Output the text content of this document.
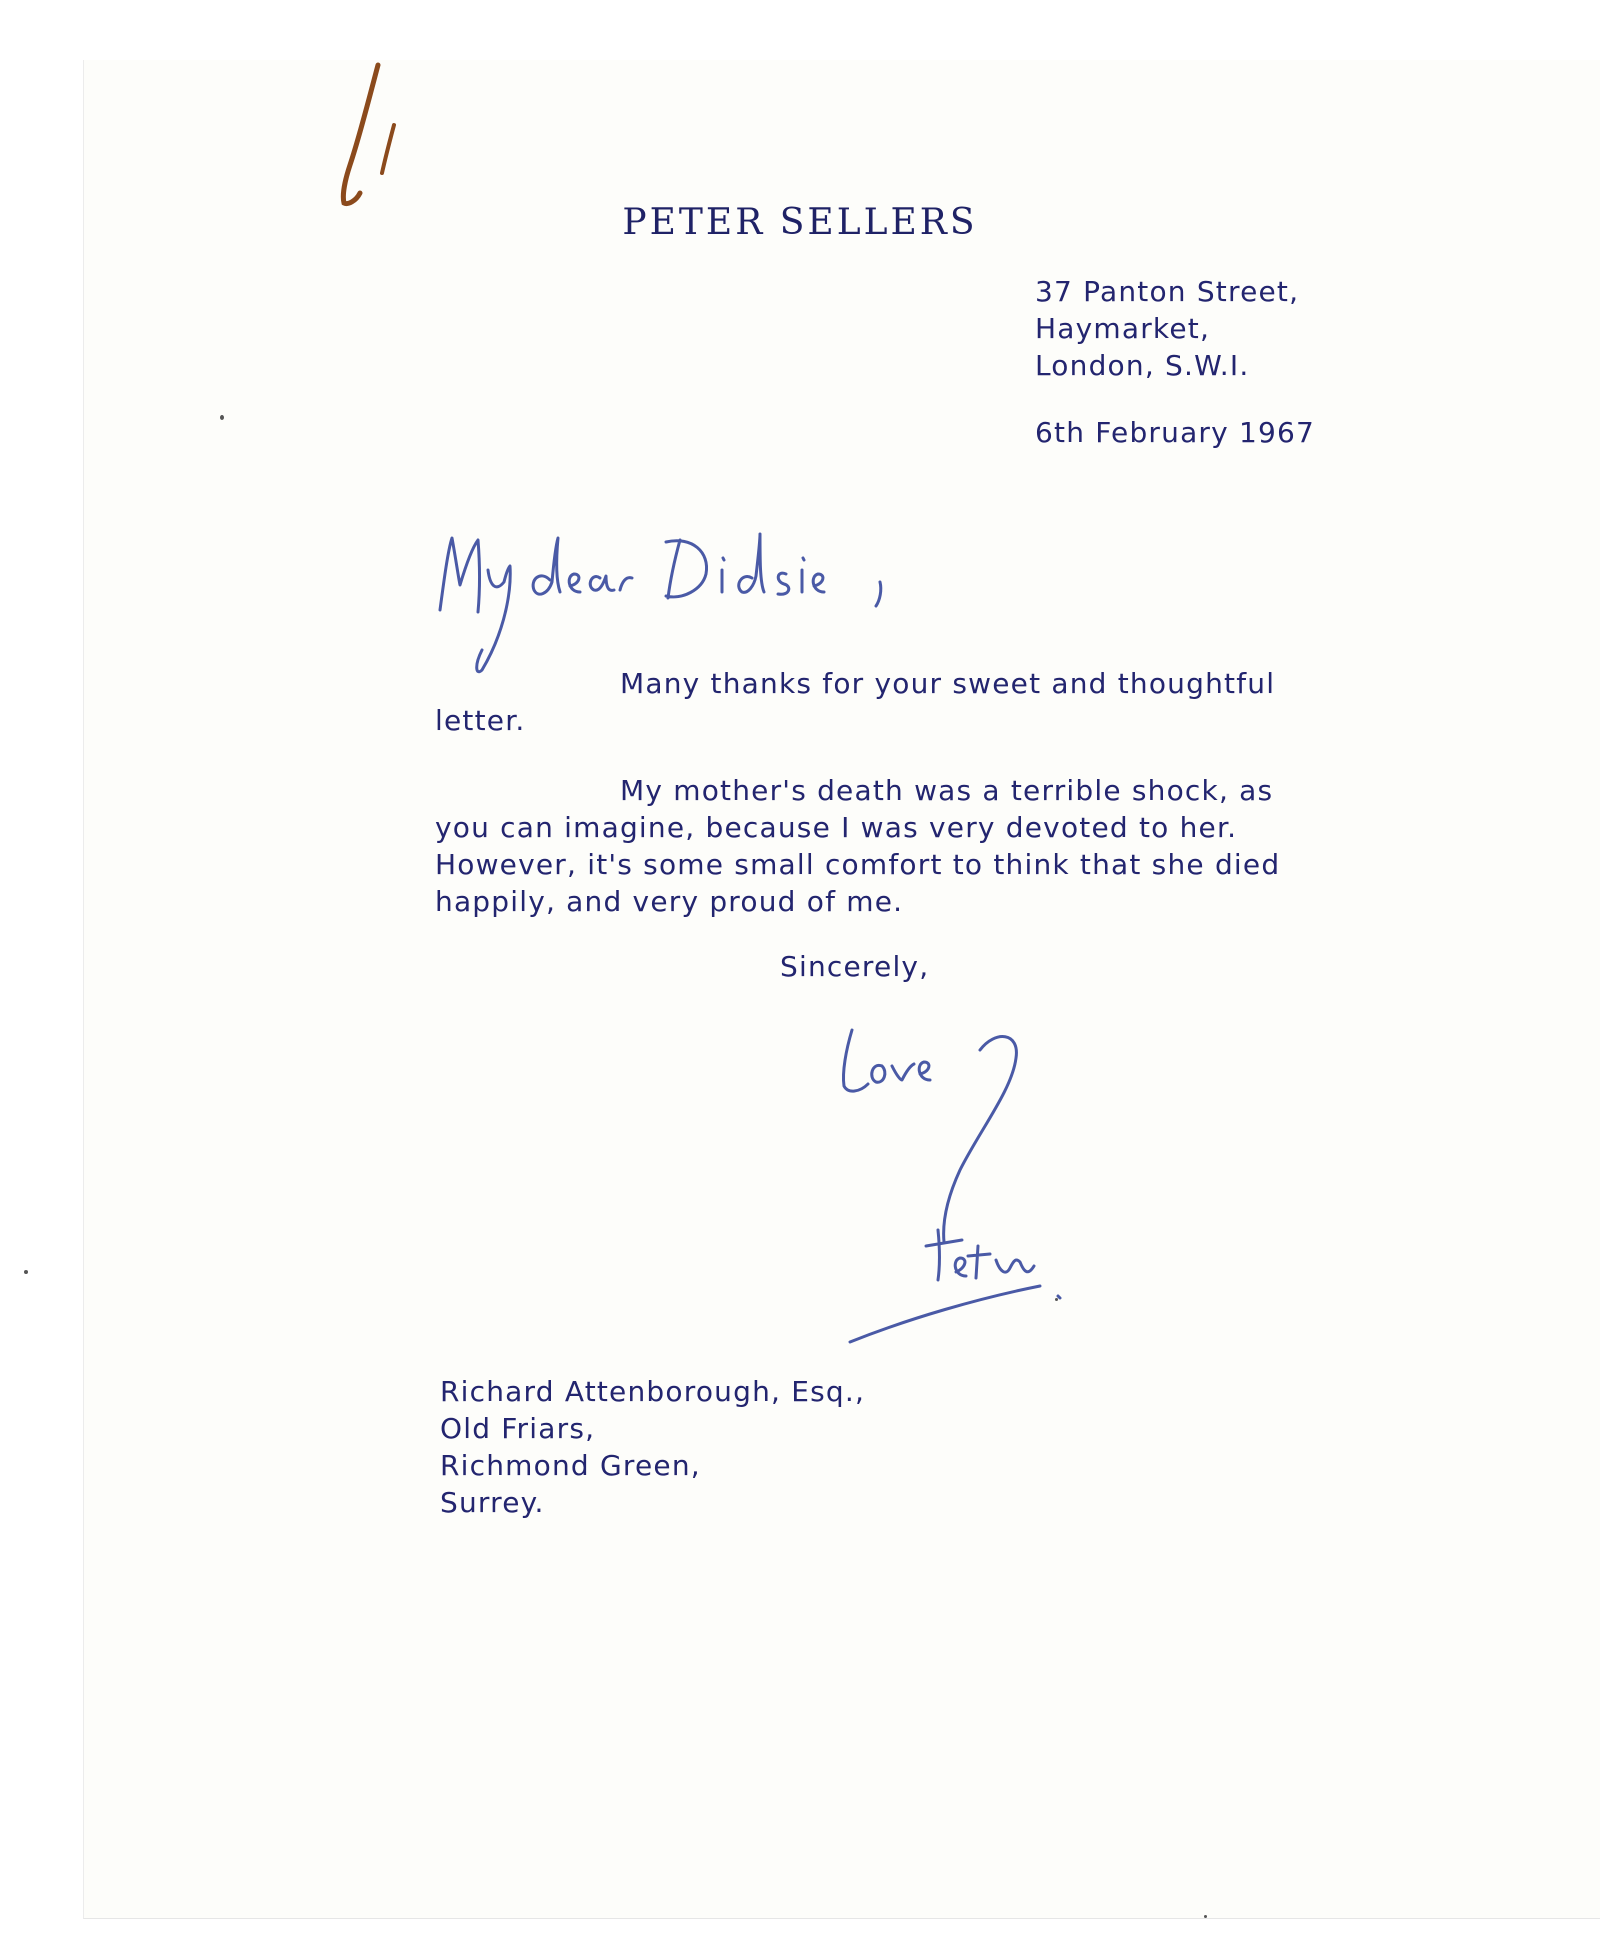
PETER SELLERS
37 Panton Street,
Haymarket,
London, S.W.I.
6th February 1967
Many thanks for your sweet and thoughtful
letter.
My mother's death was a terrible shock, as
you can imagine, because I was very devoted to her.
However, it's some small comfort to think that she died
happily, and very proud of me.
Sincerely,
Richard Attenborough, Esq.,
Old Friars,
Richmond Green,
Surrey.
